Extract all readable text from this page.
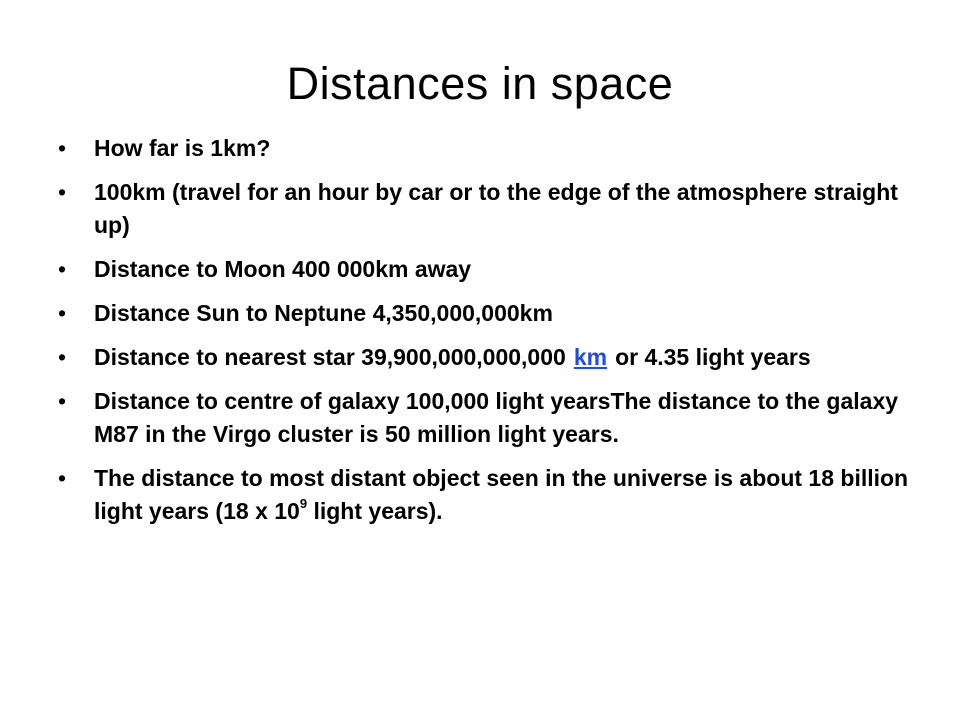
Distances in space
• How far is 1km?
• 100km (travel for an hour by car or to the edge of the atmosphere straight up)
• Distance to Moon 400 000km away
• Distance Sun to Neptune 4,350,000,000km
• Distance to nearest star 39,900,000,000,000 km or 4.35 light years
• Distance to centre of galaxy 100,000 light yearsThe distance to the galaxy M87 in the Virgo cluster is 50 million light years.
• The distance to most distant object seen in the universe is about 18 billion light years (18 x $10^9$ light years).
